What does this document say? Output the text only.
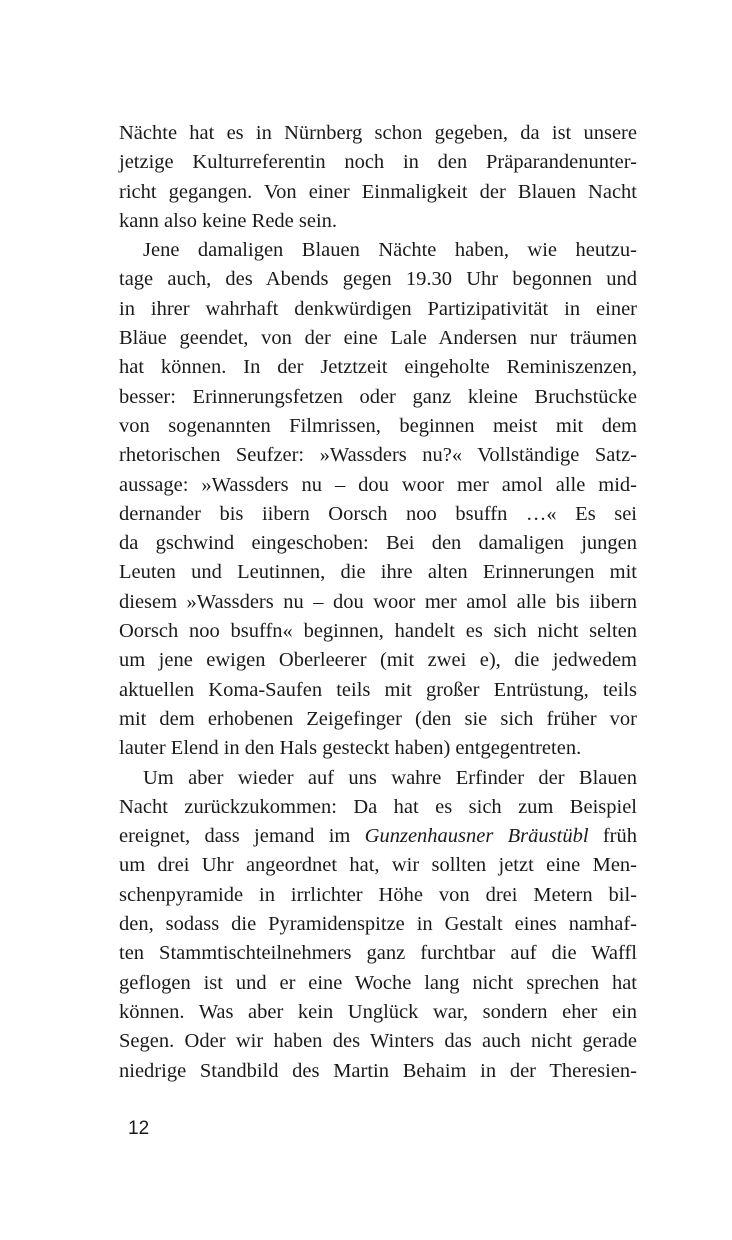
Nächte hat es in Nürnberg schon gegeben, da ist unsere
jetzige Kulturreferentin noch in den Präparandenunter-
richt gegangen. Von einer Einmaligkeit der Blauen Nacht
kann also keine Rede sein.
Jene damaligen Blauen Nächte haben, wie heutzu-
tage auch, des Abends gegen 19.30 Uhr begonnen und
in ihrer wahrhaft denkwürdigen Partizipativität in einer
Bläue geendet, von der eine Lale Andersen nur träumen
hat können. In der Jetztzeit eingeholte Reminiszenzen,
besser: Erinnerungsfetzen oder ganz kleine Bruchstücke
von sogenannten Filmrissen, beginnen meist mit dem
rhetorischen Seufzer: »Wassders nu?« Vollständige Satz-
aussage: »Wassders nu – dou woor mer amol alle mid-
dernander bis iibern Oorsch noo bsuffn …« Es sei
da gschwind eingeschoben: Bei den damaligen jungen
Leuten und Leutinnen, die ihre alten Erinnerungen mit
diesem »Wassders nu – dou woor mer amol alle bis iibern
Oorsch noo bsuffn« beginnen, handelt es sich nicht selten
um jene ewigen Oberleerer (mit zwei e), die jedwedem
aktuellen Koma-Saufen teils mit großer Entrüstung, teils
mit dem erhobenen Zeigefinger (den sie sich früher vor
lauter Elend in den Hals gesteckt haben) entgegentreten.
Um aber wieder auf uns wahre Erfinder der Blauen
Nacht zurückzukommen: Da hat es sich zum Beispiel
ereignet, dass jemand im Gunzenhausner Bräustübl früh
um drei Uhr angeordnet hat, wir sollten jetzt eine Men-
schenpyramide in irrlichter Höhe von drei Metern bil-
den, sodass die Pyramidenspitze in Gestalt eines namhaf-
ten Stammtischteilnehmers ganz furchtbar auf die Waffl
geflogen ist und er eine Woche lang nicht sprechen hat
können. Was aber kein Unglück war, sondern eher ein
Segen. Oder wir haben des Winters das auch nicht gerade
niedrige Standbild des Martin Behaim in der Theresien-
12
